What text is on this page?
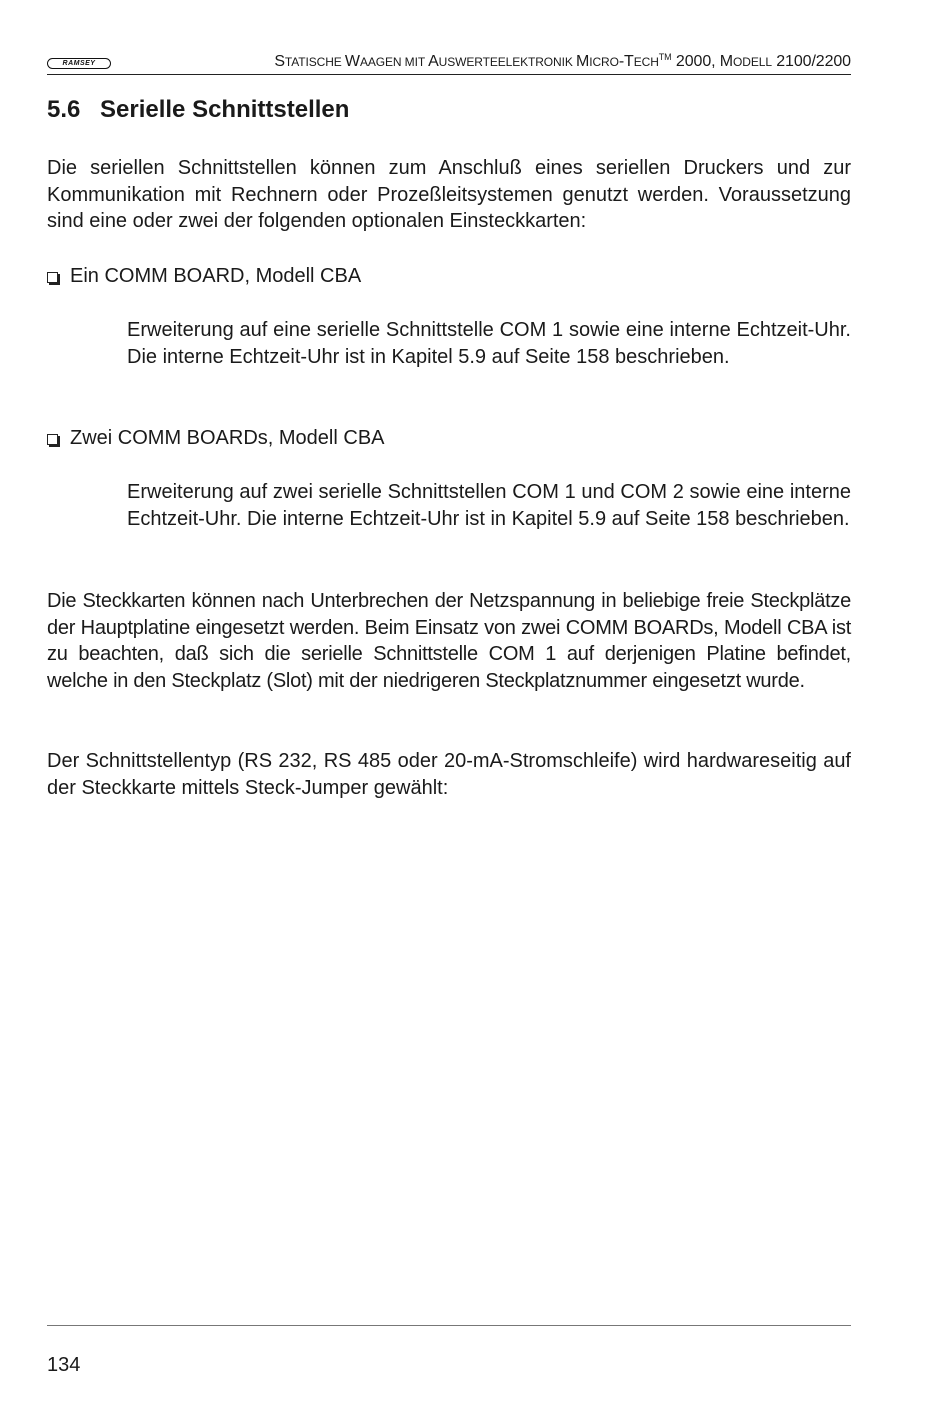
RAMSEY	STATISCHE WAAGEN MIT AUSWERTEELEKTRONIK MICRO-TECH™ 2000, MODELL 2100/2200
5.6 Serielle Schnittstellen

Die seriellen Schnittstellen können zum Anschluß eines seriellen Druckers und zur Kommunikation mit Rechnern oder Prozeßleitsystemen genutzt werden. Voraussetzung sind eine oder zwei der folgenden optionalen Einsteckkarten:

Ein COMM BOARD, Modell CBA

Erweiterung auf eine serielle Schnittstelle COM 1 sowie eine interne Echtzeit-Uhr. Die interne Echtzeit-Uhr ist in Kapitel 5.9 auf Seite 158 beschrieben.

Zwei COMM BOARDs, Modell CBA

Erweiterung auf zwei serielle Schnittstellen COM 1 und COM 2 sowie eine interne Echtzeit-Uhr. Die interne Echtzeit-Uhr ist in Kapitel 5.9 auf Seite 158 beschrieben.

Die Steckkarten können nach Unterbrechen der Netzspannung in beliebige freie Steckplätze der Hauptplatine eingesetzt werden. Beim Einsatz von zwei COMM BOARDs, Modell CBA ist zu beachten, daß sich die serielle Schnittstelle COM 1 auf derjenigen Platine befindet, welche in den Steckplatz (Slot) mit der niedrigeren Steckplatznummer eingesetzt wurde.

Der Schnittstellentyp (RS 232, RS 485 oder 20-mA-Stromschleife) wird hardwareseitig auf der Steckkarte mittels Steck-Jumper gewählt:

134
